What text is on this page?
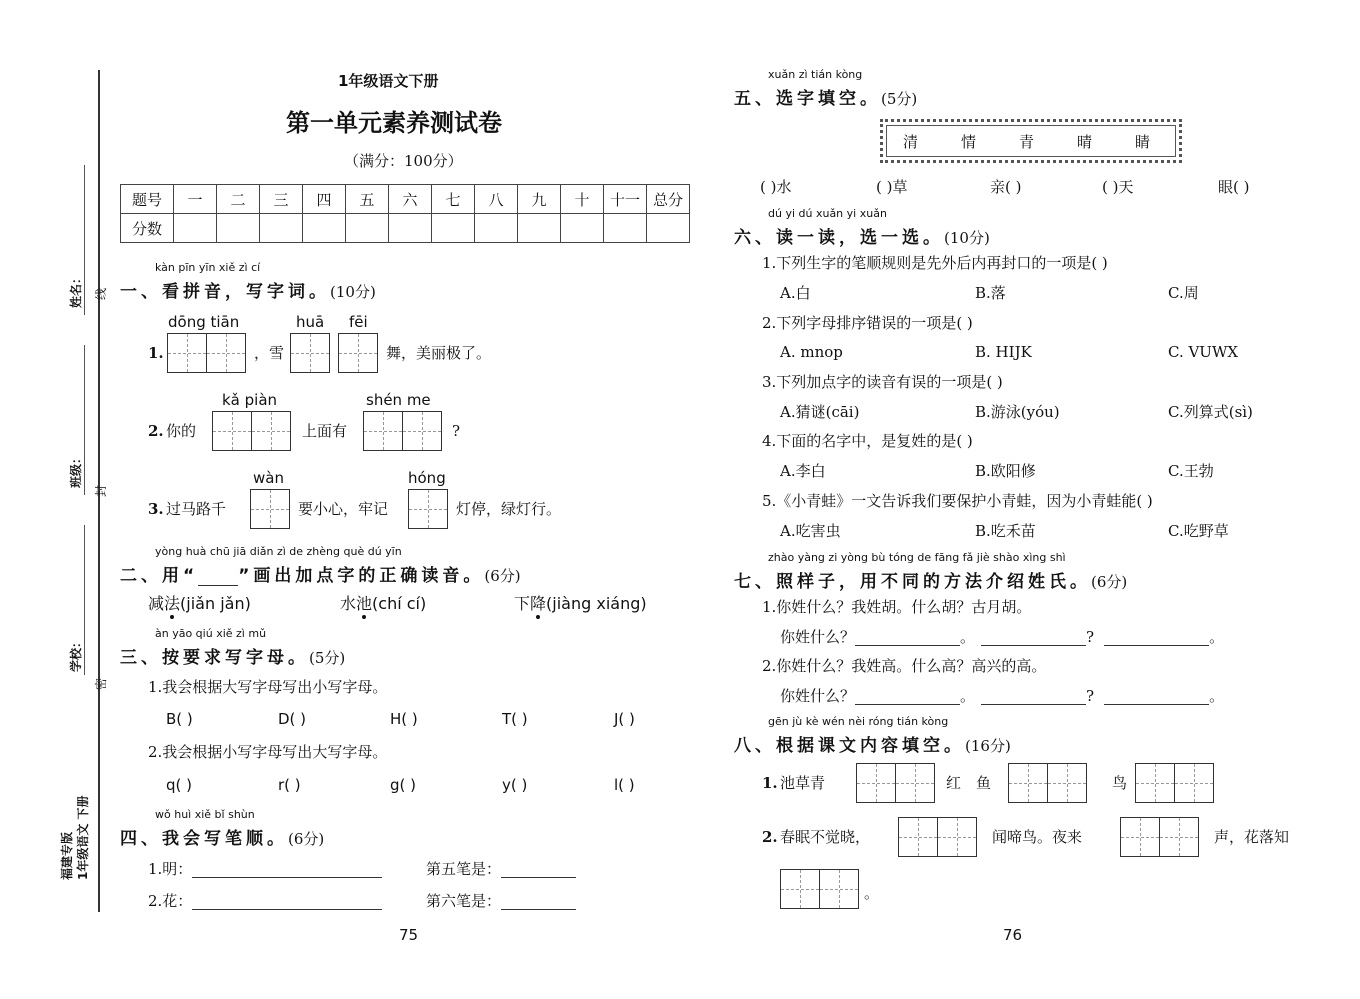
姓名：
班级：
学校：
线
封
密
福建专版 1年级语文 下册
1年级语文下册
第一单元素养测试卷
（满分：100分）
题号	一	二	三	四	五	六	七	八	九	十	十一	总分
分数												
kàn pīn yīn xiě zì cí
一、看拼音，写字词。(10分)
1.
dōng tiān
，雪
huā fēi
舞，美丽极了。
2. 你的
kǎ piàn
上面有
shén me
?
3. 过马路千
wàn
要小心，牢记
hóng
灯停，绿灯行。
yòng huà chū jiā diǎn zì de zhèng què dú yīn
二、用“ ”画出加点字的正确读音。(6分)
减法(jiǎn jǎn)	水池(chí cí)	下降(jiàng xiáng)
àn yāo qiú xiě zì mǔ
三、按要求写字母。(5分)
1.我会根据大写字母写出小写字母。
B( )	D( )	H( )	T( )	J( )
2.我会根据小写字母写出大写字母。
q( )	r( )	g( )	y( )	l( )
wǒ huì xiě bǐ shùn
四、我会写笔顺。(6分)
1.明：	第五笔是：
2.花：	第六笔是：
75
xuǎn zì tián kòng
五、选字填空。(5分)
清	情	青	晴	睛
( )水	( )草	亲( )	( )天	眼( )
dú yi dú xuǎn yi xuǎn
六、读一读，选一选。(10分)
1.下列生字的笔顺规则是先外后内再封口的一项是( )
A.白	B.落	C.周
2.下列字母排序错误的一项是( )
A. mnop	B. HIJK	C. VUWX
3.下列加点字的读音有误的一项是( )
A.猜谜(cāi)	B.游泳(yóu)	C.列算式(sì)
4.下面的名字中，是复姓的是( )
A.李白	B.欧阳修	C.王勃
5.《小青蛙》一文告诉我们要保护小青蛙，因为小青蛙能( )
A.吃害虫	B.吃禾苗	C.吃野草
zhào yàng zi yòng bù tóng de fāng fǎ jiè shào xìng shì
七、照样子，用不同的方法介绍姓氏。(6分)
1.你姓什么？我姓胡。什么胡？古月胡。
你姓什么？	。	?	。
2.你姓什么？我姓高。什么高？高兴的高。
你姓什么？	。	?	。
gēn jù kè wén nèi róng tián kòng
八、根据课文内容填空。(16分)
1. 池草青	红　鱼	鸟
2. 春眠不觉晓，	闻啼鸟。夜来	声，花落知
。
76
